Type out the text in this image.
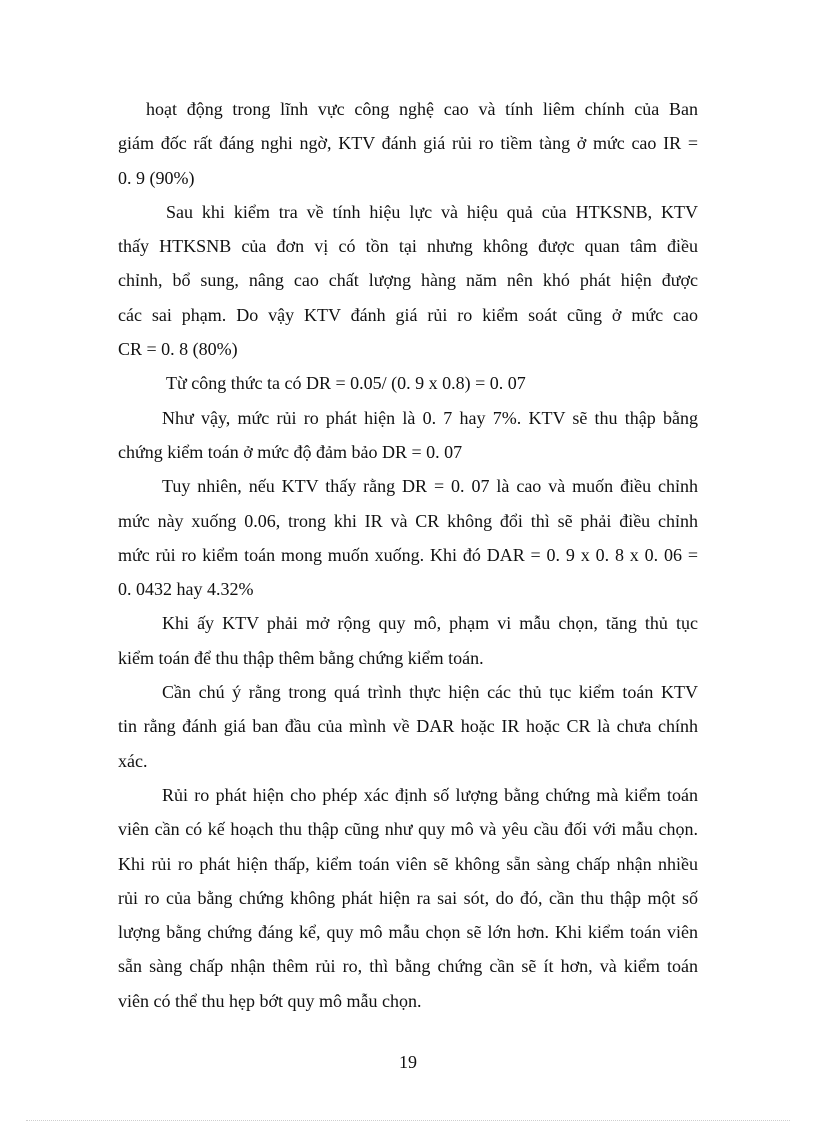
hoạt động trong lĩnh vực công nghệ cao và tính liêm chính của Ban
giám đốc rất đáng nghi ngờ, KTV đánh giá rủi ro tiềm tàng ở mức cao IR =
0. 9 (90%)
Sau khi kiểm tra về tính hiệu lực và hiệu quả của HTKSNB, KTV
thấy HTKSNB của đơn vị có tồn tại nhưng không được quan tâm điều
chỉnh, bổ sung, nâng cao chất lượng hàng năm nên khó phát hiện được
các sai phạm. Do vậy KTV đánh giá rủi ro kiểm soát cũng ở mức cao
CR = 0. 8 (80%)
Từ công thức ta có DR = 0.05/ (0. 9 x 0.8) = 0. 07
Như vậy, mức rủi ro phát hiện là 0. 7 hay 7%. KTV sẽ thu thập bằng
chứng kiểm toán ở mức độ đảm bảo DR = 0. 07
Tuy nhiên, nếu KTV thấy rằng DR = 0. 07 là cao và muốn điều chỉnh
mức này xuống 0.06, trong khi IR và CR không đổi thì sẽ phải điều chỉnh
mức rủi ro kiểm toán mong muốn xuống. Khi đó DAR = 0. 9 x 0. 8 x 0. 06 =
0. 0432 hay 4.32%
Khi ấy KTV phải mở rộng quy mô, phạm vi mẫu chọn, tăng thủ tục
kiểm toán để thu thập thêm bằng chứng kiểm toán.
Cần chú ý rằng trong quá trình thực hiện các thủ tục kiểm toán KTV
tin rằng đánh giá ban đầu của mình về DAR hoặc IR hoặc CR là chưa chính
xác.
Rủi ro phát hiện cho phép xác định số lượng bằng chứng mà kiểm toán
viên cần có kế hoạch thu thập cũng như quy mô và yêu cầu đối với mẫu chọn.
Khi rủi ro phát hiện thấp, kiểm toán viên sẽ không sẵn sàng chấp nhận nhiều
rủi ro của bằng chứng không phát hiện ra sai sót, do đó, cần thu thập một số
lượng bằng chứng đáng kể, quy mô mẫu chọn sẽ lớn hơn. Khi kiểm toán viên
sẵn sàng chấp nhận thêm rủi ro, thì bằng chứng cần sẽ ít hơn, và kiểm toán
viên có thể thu hẹp bớt quy mô mẫu chọn.
19
